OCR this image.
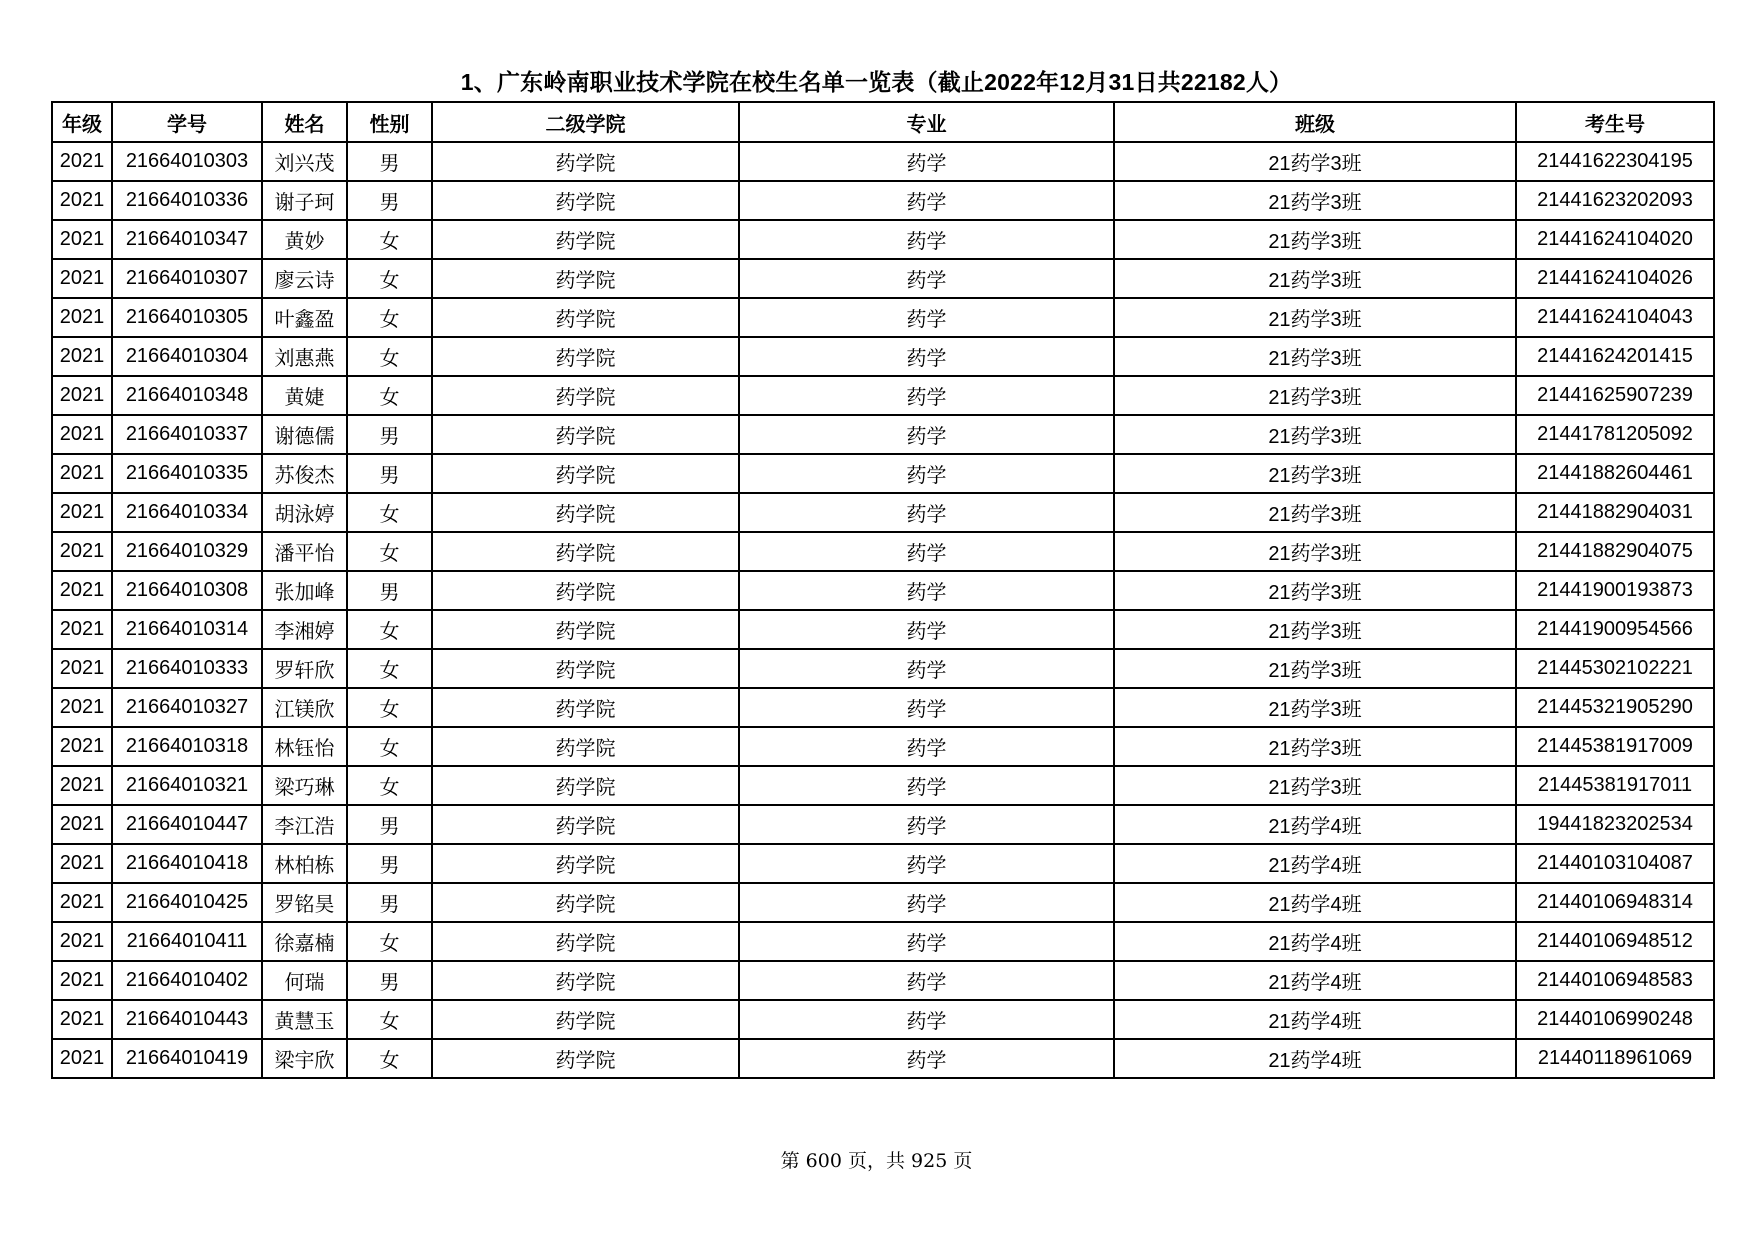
1、广东岭南职业技术学院在校生名单一览表（截止2022年12月31日共22182人）
年级	学号	姓名	性别	二级学院	专业	班级	考生号
2021	21664010303	刘兴茂	男	药学院	药学	21药学3班	21441622304195
2021	21664010336	谢子珂	男	药学院	药学	21药学3班	21441623202093
2021	21664010347	黄妙	女	药学院	药学	21药学3班	21441624104020
2021	21664010307	廖云诗	女	药学院	药学	21药学3班	21441624104026
2021	21664010305	叶鑫盈	女	药学院	药学	21药学3班	21441624104043
2021	21664010304	刘惠燕	女	药学院	药学	21药学3班	21441624201415
2021	21664010348	黄婕	女	药学院	药学	21药学3班	21441625907239
2021	21664010337	谢德儒	男	药学院	药学	21药学3班	21441781205092
2021	21664010335	苏俊杰	男	药学院	药学	21药学3班	21441882604461
2021	21664010334	胡泳婷	女	药学院	药学	21药学3班	21441882904031
2021	21664010329	潘平怡	女	药学院	药学	21药学3班	21441882904075
2021	21664010308	张加峰	男	药学院	药学	21药学3班	21441900193873
2021	21664010314	李湘婷	女	药学院	药学	21药学3班	21441900954566
2021	21664010333	罗轩欣	女	药学院	药学	21药学3班	21445302102221
2021	21664010327	江镁欣	女	药学院	药学	21药学3班	21445321905290
2021	21664010318	林钰怡	女	药学院	药学	21药学3班	21445381917009
2021	21664010321	梁巧琳	女	药学院	药学	21药学3班	21445381917011
2021	21664010447	李江浩	男	药学院	药学	21药学4班	19441823202534
2021	21664010418	林柏栋	男	药学院	药学	21药学4班	21440103104087
2021	21664010425	罗铭昊	男	药学院	药学	21药学4班	21440106948314
2021	21664010411	徐嘉楠	女	药学院	药学	21药学4班	21440106948512
2021	21664010402	何瑞	男	药学院	药学	21药学4班	21440106948583
2021	21664010443	黄慧玉	女	药学院	药学	21药学4班	21440106990248
2021	21664010419	梁宇欣	女	药学院	药学	21药学4班	21440118961069
第 600 页，共 925 页
